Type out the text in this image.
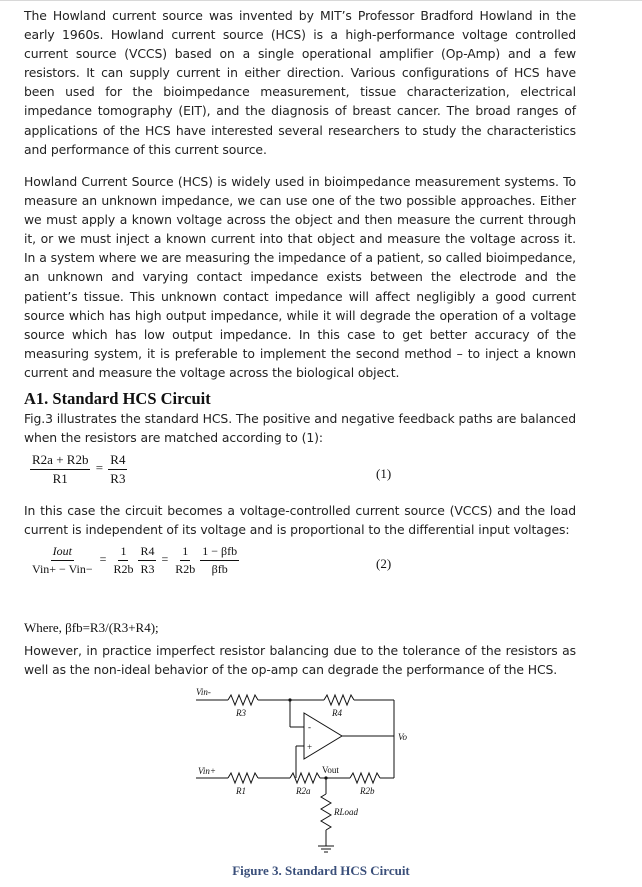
The Howland current source was invented by MIT’s Professor Bradford Howland in the early 1960s. Howland current source (HCS) is a high-performance voltage controlled current source (VCCS) based on a single operational amplifier (Op-Amp) and a few resistors. It can supply current in either direction. Various configurations of HCS have been used for the bioimpedance measurement, tissue characterization, electrical impedance tomography (EIT), and the diagnosis of breast cancer. The broad ranges of applications of the HCS have interested several researchers to study the characteristics and performance of this current source.

Howland Current Source (HCS) is widely used in bioimpedance measurement systems. To measure an unknown impedance, we can use one of the two possible approaches. Either we must apply a known voltage across the object and then measure the current through it, or we must inject a known current into that object and measure the voltage across it. In a system where we are measuring the impedance of a patient, so called bioimpedance, an unknown and varying contact impedance exists between the electrode and the patient’s tissue. This unknown contact impedance will affect negligibly a good current source which has high output impedance, while it will degrade the operation of a voltage source which has low output impedance. In this case to get better accuracy of the measuring system, it is preferable to implement the second method – to inject a known current and measure the voltage across the biological object.

A1. Standard HCS Circuit

Fig.3 illustrates the standard HCS. The positive and negative feedback paths are balanced when the resistors are matched according to (1):

$\frac{R2a + R2b}{R1} = \frac{R4}{R3}$	(1)

In this case the circuit becomes a voltage-controlled current source (VCCS) and the load current is independent of its voltage and is proportional to the differential input voltages:

$\frac{\text{Iout}}{\text{Vin+ − Vin−}} = \frac{1}{R2b}$
$\frac{R4}{R3} = \frac{1}{R2b}$
$\frac{\text{1 − βfb}}{\text{βfb}}$	(2)
Where, βfb=R3/(R3+R4);

However, in practice imperfect resistor balancing due to the tolerance of the resistors as well as the non-ideal behavior of the op-amp can degrade the performance of the HCS.

Vin-
R3	R4
Vo
-
+
Vin+	Vout
R1	R2a	R2b
RLoad
Figure 3. Standard HCS Circuit
